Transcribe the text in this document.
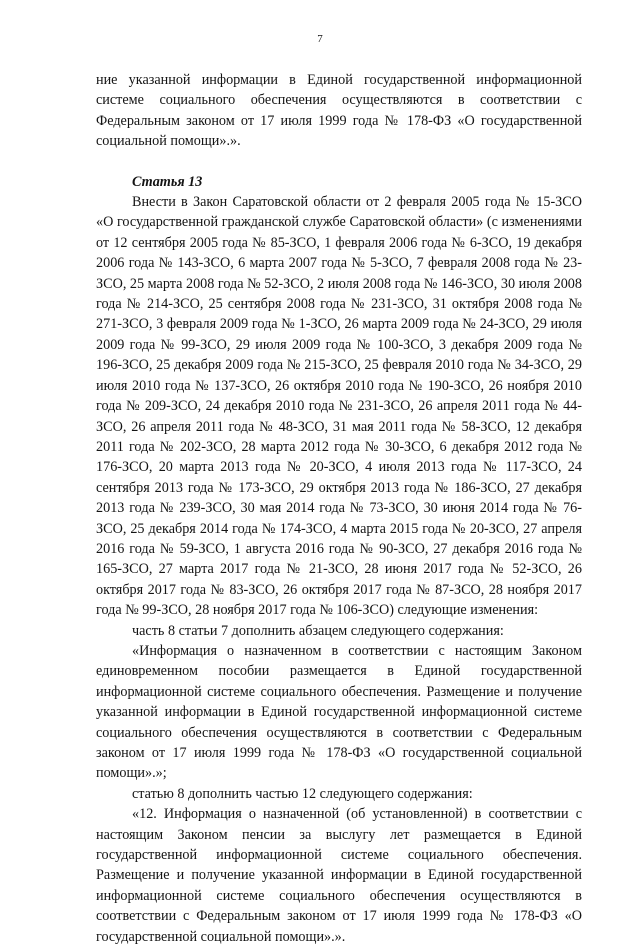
7

ние указанной информации в Единой государственной информационной системе социального обеспечения осуществляются в соответствии с Федеральным законом от 17 июля 1999 года № 178-ФЗ «О государственной социальной помощи».».

Статья 13

Внести в Закон Саратовской области от 2 февраля 2005 года № 15-ЗСО «О государственной гражданской службе Саратовской области» (с изменениями от 12 сентября 2005 года № 85-ЗСО, 1 февраля 2006 года № 6-ЗСО, 19 декабря 2006 года № 143-ЗСО, 6 марта 2007 года № 5-ЗСО, 7 февраля 2008 года № 23-ЗСО, 25 марта 2008 года № 52-ЗСО, 2 июля 2008 года № 146-ЗСО, 30 июля 2008 года № 214-ЗСО, 25 сентября 2008 года № 231-ЗСО, 31 октября 2008 года № 271-ЗСО, 3 февраля 2009 года № 1-ЗСО, 26 марта 2009 года № 24-ЗСО, 29 июля 2009 года № 99-ЗСО, 29 июля 2009 года № 100-ЗСО, 3 декабря 2009 года № 196-ЗСО, 25 декабря 2009 года № 215-ЗСО, 25 февраля 2010 года № 34-ЗСО, 29 июля 2010 года № 137-ЗСО, 26 октября 2010 года № 190-ЗСО, 26 ноября 2010 года № 209-ЗСО, 24 декабря 2010 года № 231-ЗСО, 26 апреля 2011 года № 44-ЗСО, 26 апреля 2011 года № 48-ЗСО, 31 мая 2011 года № 58-ЗСО, 12 декабря 2011 года № 202-ЗСО, 28 марта 2012 года № 30-ЗСО, 6 декабря 2012 года № 176-ЗСО, 20 марта 2013 года № 20-ЗСО, 4 июля 2013 года № 117-ЗСО, 24 сентября 2013 года № 173-ЗСО, 29 октября 2013 года № 186-ЗСО, 27 декабря 2013 года № 239-ЗСО, 30 мая 2014 года № 73-ЗСО, 30 июня 2014 года № 76-ЗСО, 25 декабря 2014 года № 174-ЗСО, 4 марта 2015 года № 20-ЗСО, 27 апреля 2016 года № 59-ЗСО, 1 августа 2016 года № 90-ЗСО, 27 декабря 2016 года № 165-ЗСО, 27 марта 2017 года № 21-ЗСО, 28 июня 2017 года № 52-ЗСО, 26 октября 2017 года № 83-ЗСО, 26 октября 2017 года № 87-ЗСО, 28 ноября 2017 года № 99-ЗСО, 28 ноября 2017 года № 106-ЗСО) следующие изменения:

часть 8 статьи 7 дополнить абзацем следующего содержания:

«Информация о назначенном в соответствии с настоящим Законом единовременном пособии размещается в Единой государственной информационной системе социального обеспечения. Размещение и получение указанной информации в Единой государственной информационной системе социального обеспечения осуществляются в соответствии с Федеральным законом от 17 июля 1999 года № 178-ФЗ «О государственной социальной помощи».»;

статью 8 дополнить частью 12 следующего содержания:

«12. Информация о назначенной (об установленной) в соответствии с настоящим Законом пенсии за выслугу лет размещается в Единой государственной информационной системе социального обеспечения. Размещение и получение указанной информации в Единой государственной информационной системе социального обеспечения осуществляются в соответствии с Федеральным законом от 17 июля 1999 года № 178-ФЗ «О государственной социальной помощи».».
